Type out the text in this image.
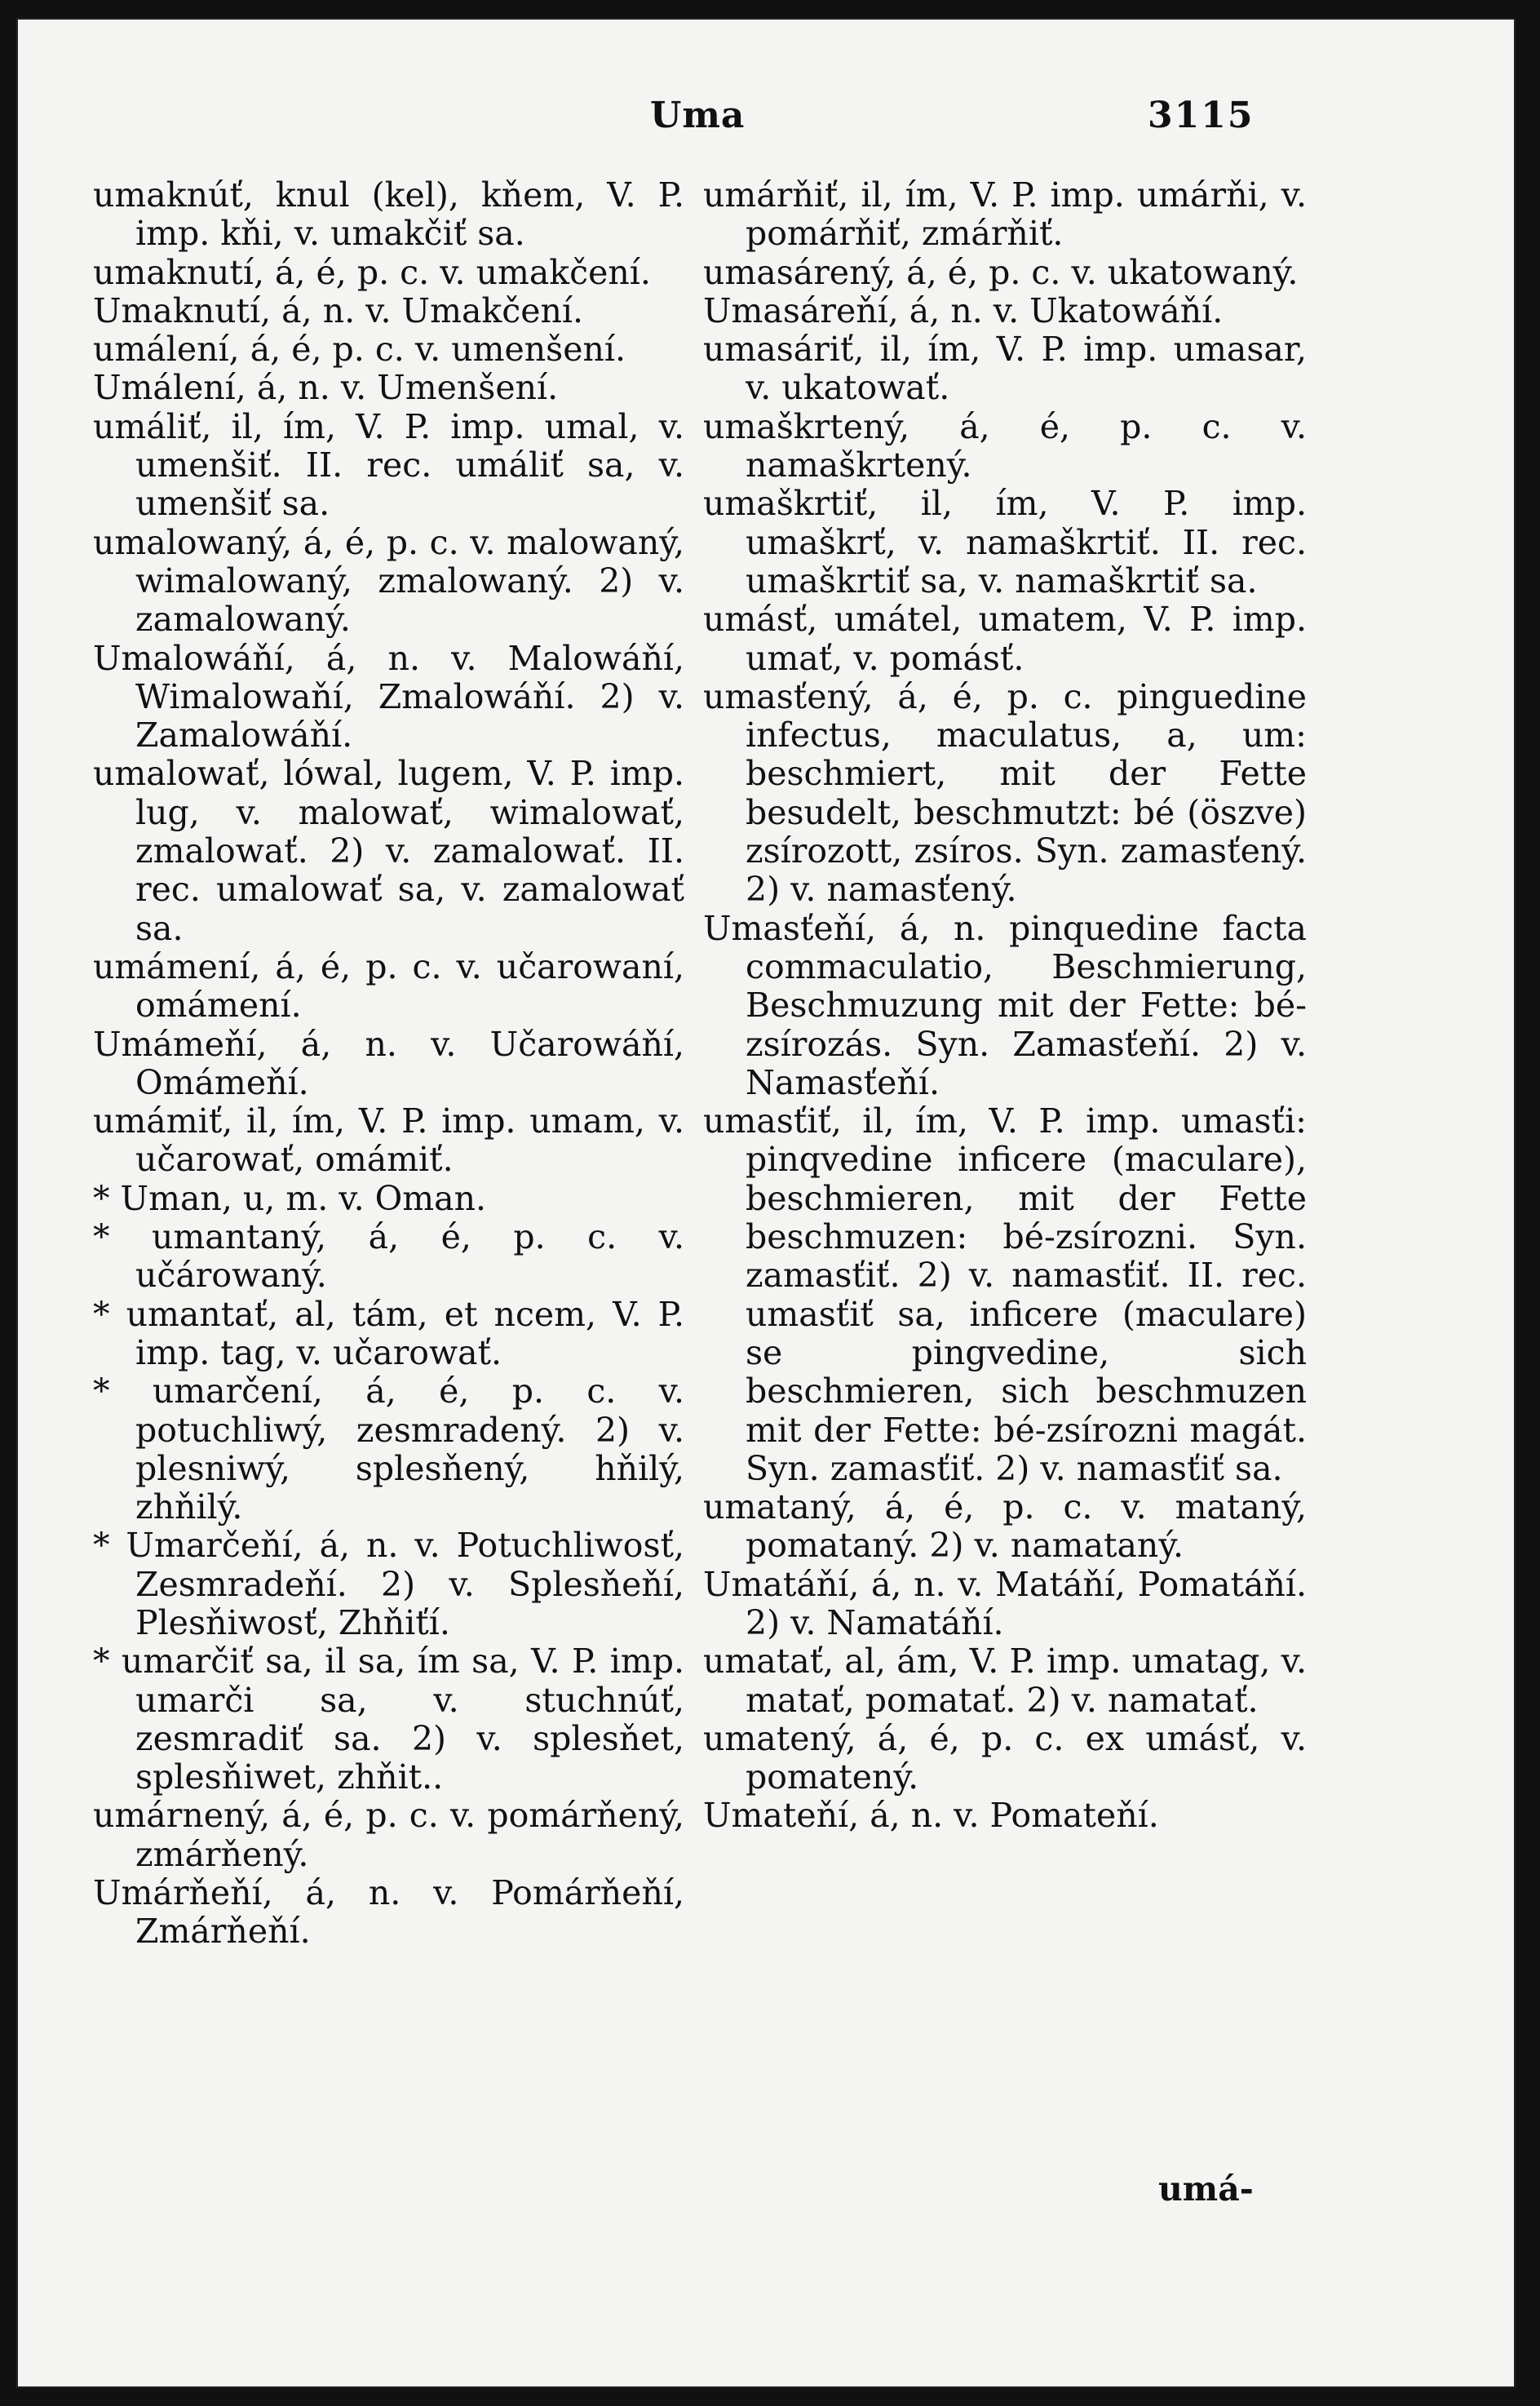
Uma	3115

umaknúť, knul (kel), kňem, V. P. imp. kňi, v. umakčiť sa.

umaknutí, á, é, p. c. v. umakčení.

Umaknutí, á, n. v. Umakčení.

umálení, á, é, p. c. v. umenšení.

Umálení, á, n. v. Umenšení.

umáliť, il, ím, V. P. imp. umal, v. umenšiť. II. rec. umáliť sa, v. umenšiť sa.

umalowaný, á, é, p. c. v. malowaný, wimalowaný, zmalowaný. 2) v. zamalowaný.

Umalowáňí, á, n. v. Malowáňí, Wimalowaňí, Zmalowáňí. 2) v. Zamalowáňí.

umalowať, lówal, lugem, V. P. imp. lug, v. malowať, wimalowať, zmalowať. 2) v. zamalowať. II. rec. umalowať sa, v. zamalowať sa.

umámení, á, é, p. c. v. učarowaní, omámení.

Umámeňí, á, n. v. Učarowáňí, Omámeňí.

umámiť, il, ím, V. P. imp. umam, v. učarowať, omámiť.

* Uman, u, m. v. Oman.

* umantaný, á, é, p. c. v. učárowaný.

* umantať, al, tám, et ncem, V. P. imp. tag, v. učarowať.

* umarčení, á, é, p. c. v. potuchliwý, zesmradený. 2) v. plesniwý, splesňený, hňilý, zhňilý.

* Umarčeňí, á, n. v. Potuchliwosť, Zesmradeňí. 2) v. Splesňeňí, Plesňiwosť, Zhňiťí.

* umarčiť sa, il sa, ím sa, V. P. imp. umarči sa, v. stuchnúť, zesmradiť sa. 2) v. splesňet, splesňiwet, zhňit..

umárnený, á, é, p. c. v. pomárňený, zmárňený.

Umárňeňí, á, n. v. Pomárňeňí, Zmárňeňí.

umárňiť, il, ím, V. P. imp. umárňi, v. pomárňiť, zmárňiť.

umasárený, á, é, p. c. v. ukatowaný.

Umasáreňí, á, n. v. Ukatowáňí.

umasáriť, il, ím, V. P. imp. umasar, v. ukatowať.

umaškrtený, á, é, p. c. v. namaškrtený.

umaškrtiť, il, ím, V. P. imp. umaškrť, v. namaškrtiť. II. rec. umaškrtiť sa, v. namaškrtiť sa.

umásť, umátel, umatem, V. P. imp. umať, v. pomásť.

umasťený, á, é, p. c. pinguedine infectus, maculatus, a, um: beschmiert, mit der Fette besudelt, beschmutzt: bé (öszve) zsírozott, zsíros. Syn. zamasťený. 2) v. namasťený.

Umasťeňí, á, n. pinquedine facta commaculatio, Beschmierung, Beschmuzung mit der Fette: bé-zsírozás. Syn. Zamasťeňí. 2) v. Namasťeňí.

umasťiť, il, ím, V. P. imp. umasťi: pinqvedine inficere (maculare), beschmieren, mit der Fette beschmuzen: bé-zsírozni. Syn. zamasťiť. 2) v. namasťiť. II. rec. umasťiť sa, inficere (maculare) se pingvedine, sich beschmieren, sich beschmuzen mit der Fette: bé-zsírozni magát. Syn. zamasťiť. 2) v. namasťiť sa.

umataný, á, é, p. c. v. mataný, pomataný. 2) v. namataný.

Umatáňí, á, n. v. Matáňí, Pomatáňí. 2) v. Namatáňí.

umatať, al, ám, V. P. imp. umatag, v. matať, pomatať. 2) v. namatať.

umatený, á, é, p. c. ex umásť, v. pomatený.

Umateňí, á, n. v. Pomateňí.

umá-
